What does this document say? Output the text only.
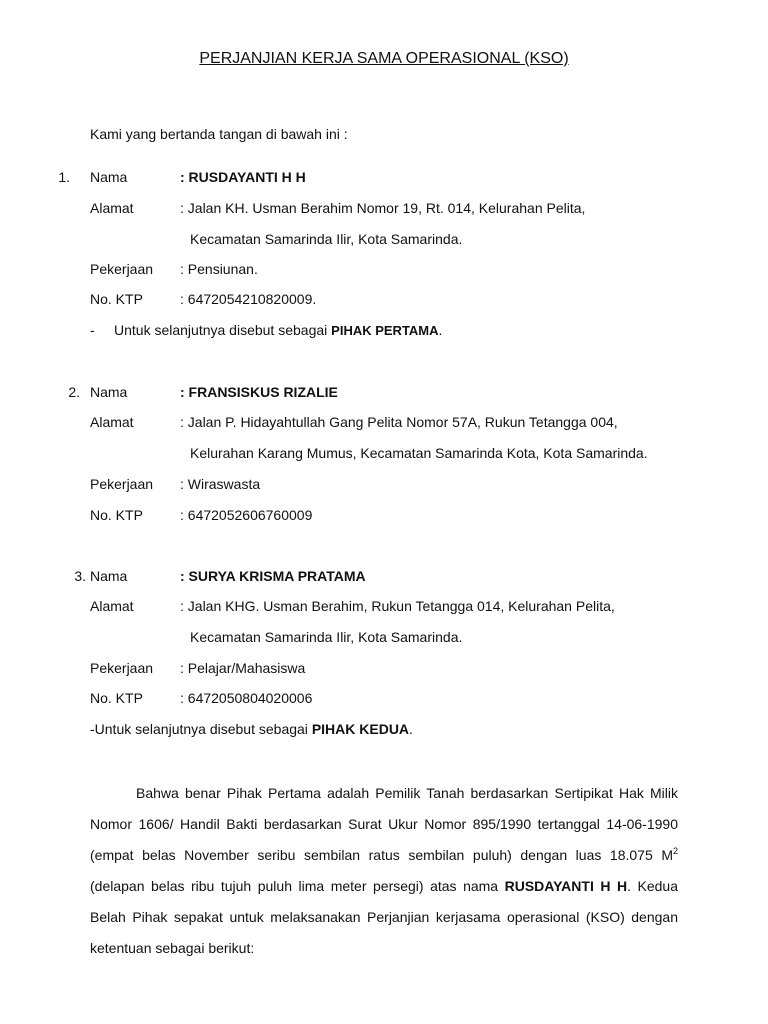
PERJANJIAN KERJA SAMA OPERASIONAL (KSO)
Kami yang bertanda tangan di bawah ini :
1. Nama	: RUSDAYANTI H H
Alamat	: Jalan KH. Usman Berahim Nomor 19, Rt. 014, Kelurahan Pelita,
Kecamatan Samarinda Ilir, Kota Samarinda.
Pekerjaan : Pensiunan.
No. KTP	: 6472054210820009.
- Untuk selanjutnya disebut sebagai PIHAK PERTAMA.
2. Nama	: FRANSISKUS RIZALIE
Alamat	: Jalan P. Hidayahtullah Gang Pelita Nomor 57A, Rukun Tetangga 004,
Kelurahan Karang Mumus, Kecamatan Samarinda Kota, Kota Samarinda.
Pekerjaan : Wiraswasta
No. KTP	: 6472052606760009
3. Nama	: SURYA KRISMA PRATAMA
Alamat	: Jalan KHG. Usman Berahim, Rukun Tetangga 014, Kelurahan Pelita,
Kecamatan Samarinda Ilir, Kota Samarinda.
Pekerjaan : Pelajar/Mahasiswa
No. KTP	: 6472050804020006
-Untuk selanjutnya disebut sebagai PIHAK KEDUA.
Bahwa benar Pihak Pertama adalah Pemilik Tanah berdasarkan Sertipikat Hak Milik Nomor 1606/ Handil Bakti berdasarkan Surat Ukur Nomor 895/1990 tertanggal 14-06-1990 (empat belas November seribu sembilan ratus sembilan puluh) dengan luas 18.075 $M^2$ (delapan belas ribu tujuh puluh lima meter persegi) atas nama RUSDAYANTI H H. Kedua Belah Pihak sepakat untuk melaksanakan Perjanjian kerjasama operasional (KSO) dengan ketentuan sebagai berikut:
